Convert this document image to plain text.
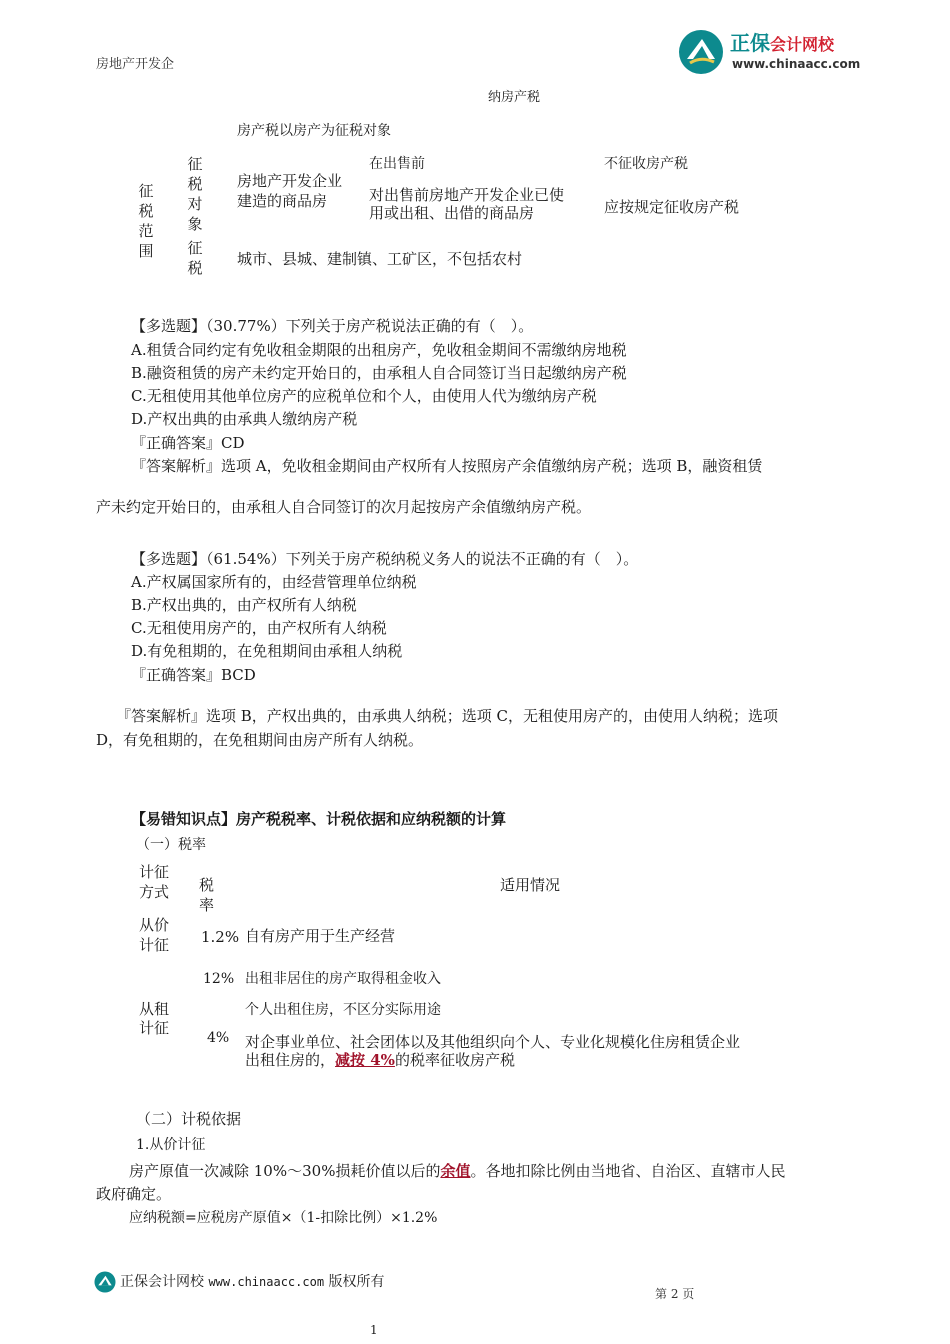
房地产开发企
正保会计网校
www.chinaacc.com
纳房产税
房产税以房产为征税对象
征税范围
征税对象
征税
房地产开发企业建造的商品房
在出售前	不征收房产税
对出售前房地产开发企业已使用或出租、出借的商品房	应按规定征收房产税
城市、县城、建制镇、工矿区，不包括农村
【多选题】（30.77%）下列关于房产税说法正确的有（　）。
A.租赁合同约定有免收租金期限的出租房产，免收租金期间不需缴纳房地税
B.融资租赁的房产未约定开始日的，由承租人自合同签订当日起缴纳房产税
C.无租使用其他单位房产的应税单位和个人，由使用人代为缴纳房产税
D.产权出典的由承典人缴纳房产税
『正确答案』CD
『答案解析』选项 A，免收租金期间由产权所有人按照房产余值缴纳房产税；选项 B，融资租赁
产未约定开始日的，由承租人自合同签订的次月起按房产余值缴纳房产税。
【多选题】（61.54%）下列关于房产税纳税义务人的说法不正确的有（　）。
A.产权属国家所有的，由经营管理单位纳税
B.产权出典的，由产权所有人纳税
C.无租使用房产的，由产权所有人纳税
D.有免租期的，在免租期间由承租人纳税
『正确答案』BCD
『答案解析』选项 B，产权出典的，由承典人纳税；选项 C，无租使用房产的，由使用人纳税；选项
D，有免租期的，在免租期间由房产所有人纳税。
【易错知识点】房产税税率、计税依据和应纳税额的计算
（一）税率
计征方式 税率
适用情况
从价计征 1.2% 自有房产用于生产经营
12% 出租非居住的房产取得租金收入
从租计征
个人出租住房，不区分实际用途
4% 对企事业单位、社会团体以及其他组织向个人、专业化规模化住房租赁企业
出租住房的，减按 4%的税率征收房产税
（二）计税依据
1.从价计征
房产原值一次减除 10%～30%损耗价值以后的余值。各地扣除比例由当地省、自治区、直辖市人民
政府确定。
应纳税额=应税房产原值×（1-扣除比例）×1.2%
正保会计网校 www.chinaacc.com 版权所有
第 2 页
1
